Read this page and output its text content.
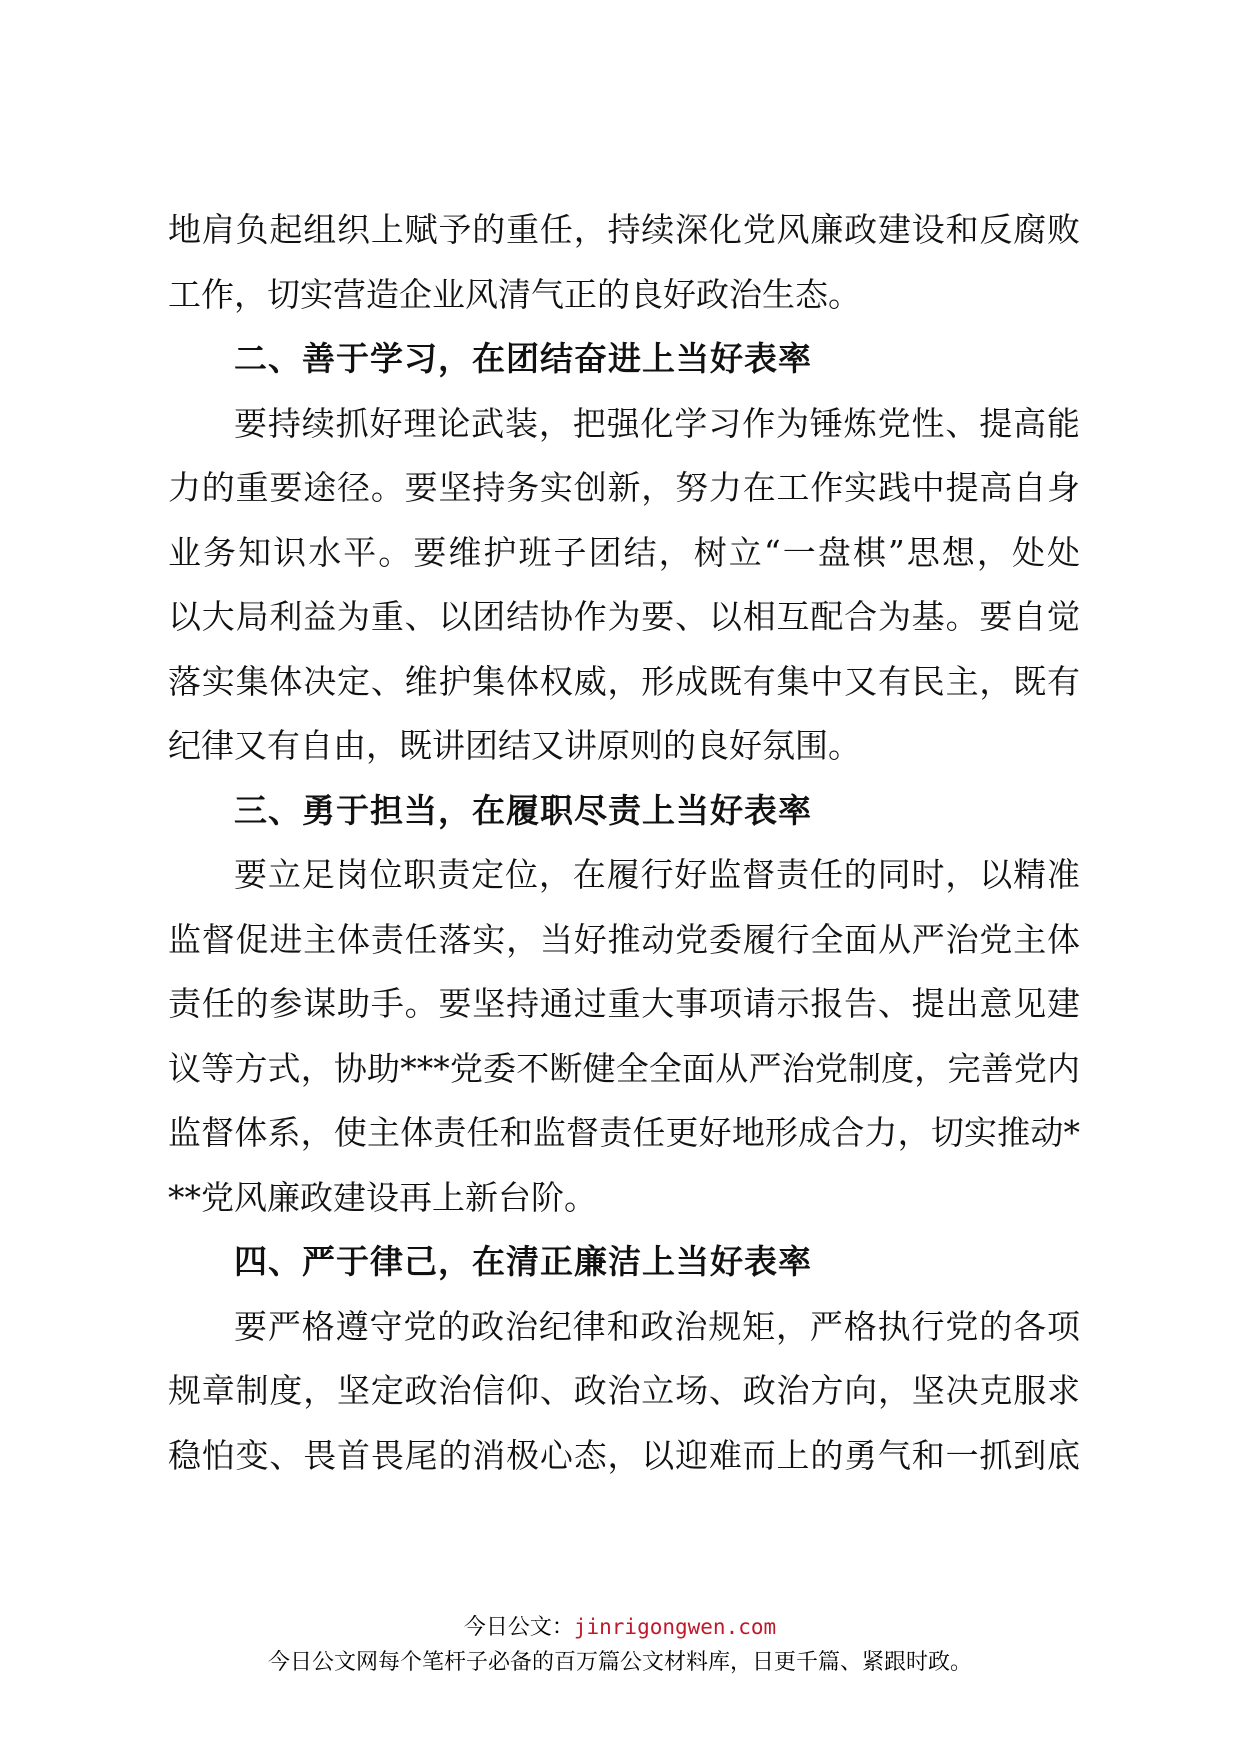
地肩负起组织上赋予的重任，持续深化党风廉政建设和反腐败
工作，切实营造企业风清气正的良好政治生态。
二、善于学习，在团结奋进上当好表率
要持续抓好理论武装，把强化学习作为锤炼党性、提高能
力的重要途径。要坚持务实创新，努力在工作实践中提高自身
业务知识水平。要维护班子团结，树立“一盘棋”思想，处处
以大局利益为重、以团结协作为要、以相互配合为基。要自觉
落实集体决定、维护集体权威，形成既有集中又有民主，既有
纪律又有自由，既讲团结又讲原则的良好氛围。
三、勇于担当，在履职尽责上当好表率
要立足岗位职责定位，在履行好监督责任的同时，以精准
监督促进主体责任落实，当好推动党委履行全面从严治党主体
责任的参谋助手。要坚持通过重大事项请示报告、提出意见建
议等方式，协助***党委不断健全全面从严治党制度，完善党内
监督体系，使主体责任和监督责任更好地形成合力，切实推动*
**党风廉政建设再上新台阶。
四、严于律己，在清正廉洁上当好表率
要严格遵守党的政治纪律和政治规矩，严格执行党的各项
规章制度，坚定政治信仰、政治立场、政治方向，坚决克服求
稳怕变、畏首畏尾的消极心态，以迎难而上的勇气和一抓到底
今日公文：jinrigongwen.com
今日公文网每个笔杆子必备的百万篇公文材料库，日更千篇、紧跟时政。
